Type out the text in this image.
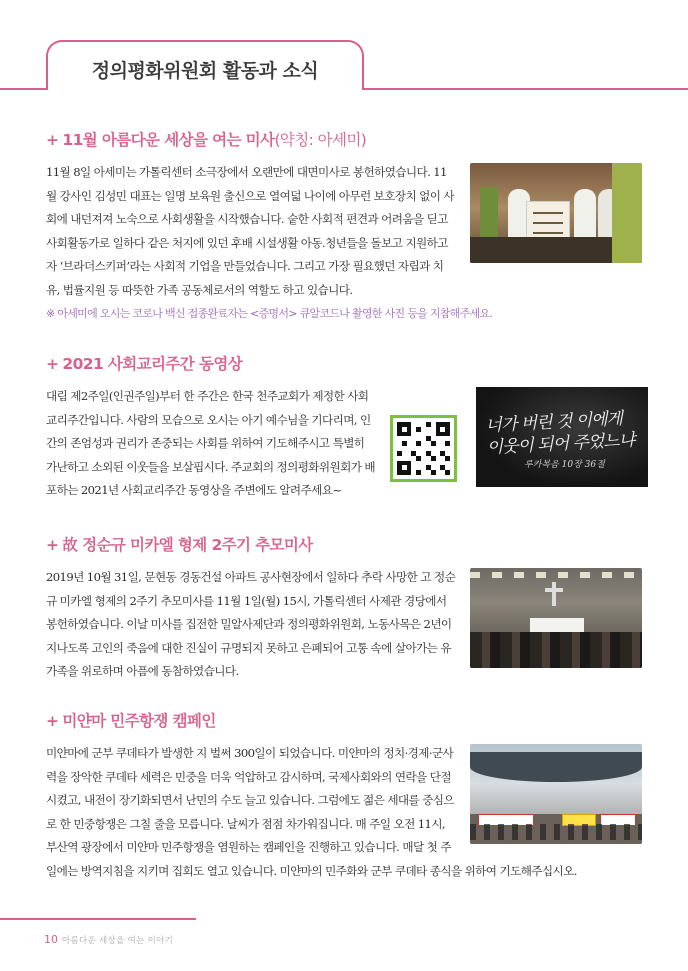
정의평화위원회 활동과 소식
+ 11월 아름다운 세상을 여는 미사(약칭: 아세미)

11월 8일 아세미는 가톨릭센터 소극장에서 오랜만에 대면미사로 봉헌하였습니다. 11월 강사인 김성민 대표는 일명 보육원 출신으로 열여덟 나이에 아무런 보호장치 없이 사회에 내던져져 노숙으로 사회생활을 시작했습니다. 숱한 사회적 편견과 어려움을 딛고 사회활동가로 일하다 같은 처지에 있던 후배 시설생활 아동.청년들을 돌보고 지원하고자 ‘브라더스키퍼’라는 사회적 기업을 만들었습니다. 그리고 가장 필요했던 자립과 치유, 법률지원 등 따뜻한 가족 공동체로서의 역할도 하고 있습니다.

※ 아세미에 오시는 코로나 백신 접종완료자는 <증명서> 큐알코드나 촬영한 사진 등을 지참해주세요.
+ 2021 사회교리주간 동영상
너가 버린 것 이에게 이웃이 되어 주었느냐
루카복음 10장 36절

대림 제2주일(인권주일)부터 한 주간은 한국 천주교회가 제정한 사회교리주간입니다. 사람의 모습으로 오시는 아기 예수님을 기다리며, 인간의 존엄성과 권리가 존중되는 사회를 위하여 기도해주시고 특별히 가난하고 소외된 이웃들을 보살핍시다. 주교회의 정의평화위원회가 배포하는 2021년 사회교리주간 동영상을 주변에도 알려주세요~

+ 故 정순규 미카엘 형제 2주기 추모미사

2019년 10월 31일, 문현동 경동건설 아파트 공사현장에서 일하다 추락 사망한 고 정순규 미카엘 형제의 2주기 추모미사를 11월 1일(월) 15시, 가톨릭센터 사제관 경당에서 봉헌하였습니다. 이날 미사를 집전한 밀알사제단과 정의평화위원회, 노동사목은 2년이 지나도록 고인의 죽음에 대한 진실이 규명되지 못하고 은폐되어 고통 속에 살아가는 유가족을 위로하며 아픔에 동참하였습니다.

+ 미얀마 민주항쟁 캠페인

미얀마에 군부 쿠데타가 발생한 지 벌써 300일이 되었습니다. 미얀마의 정치·경제·군사력을 장악한 쿠데타 세력은 민중을 더욱 억압하고 감시하며, 국제사회와의 연락을 단절시켰고, 내전이 장기화되면서 난민의 수도 늘고 있습니다. 그럼에도 젊은 세대를 중심으로 한 민중항쟁은 그칠 줄을 모릅니다. 날씨가 점점 차가워집니다. 매 주일 오전 11시, 부산역 광장에서 미얀마 민주항쟁을 염원하는 캠페인을 진행하고 있습니다. 매달 첫 주일에는 방역지침을 지키며 집회도 열고 있습니다. 미얀마의 민주화와 군부 쿠데타 종식을 위하여 기도해주십시오.

10 아름다운 세상을 여는 이야기
